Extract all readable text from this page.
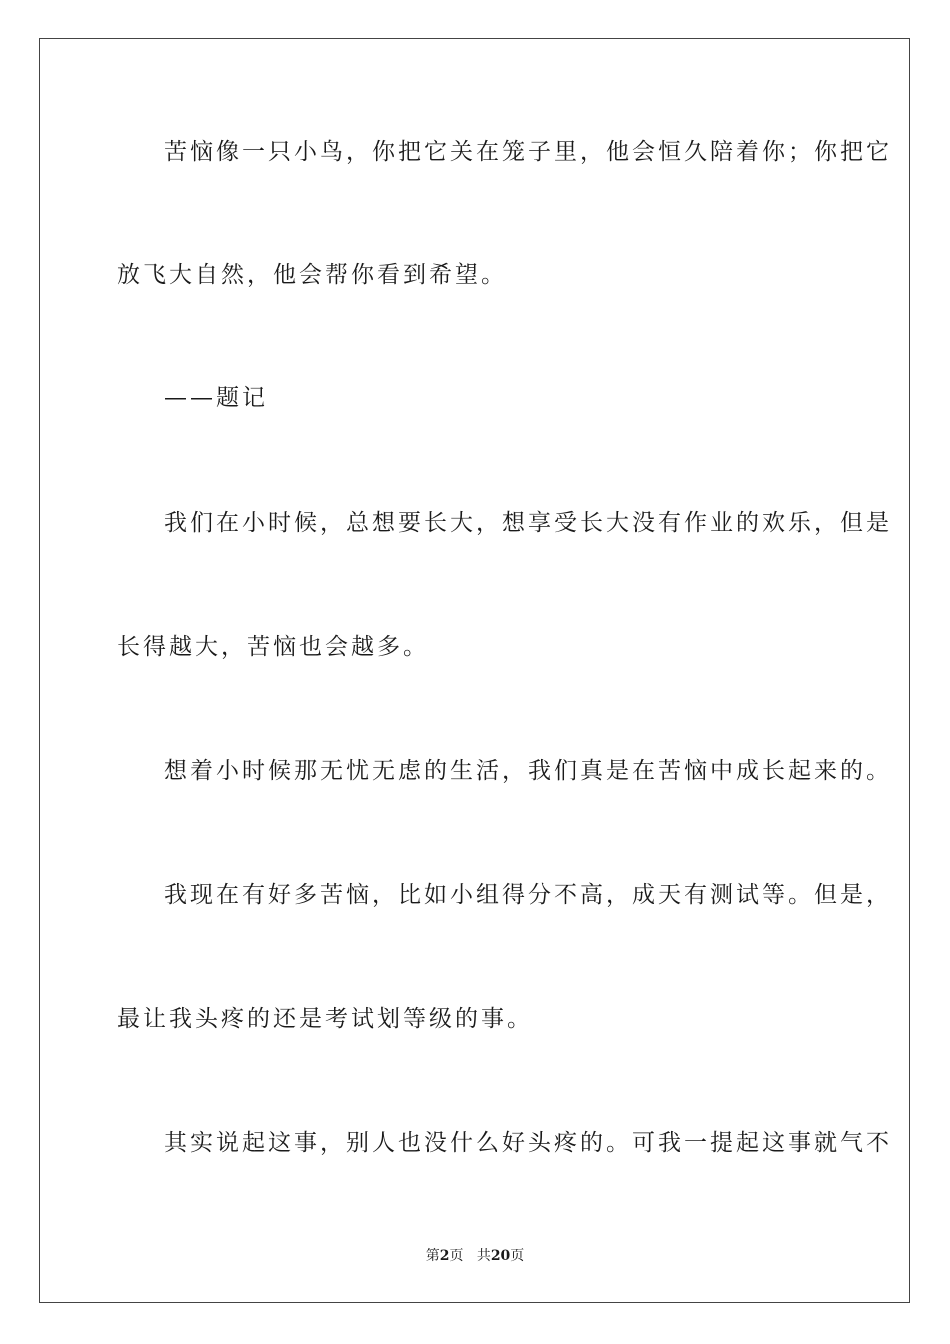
苦恼像一只小鸟，你把它关在笼子里，他会恒久陪着你；你把它
放飞大自然，他会帮你看到希望。
——题记
我们在小时候，总想要长大，想享受长大没有作业的欢乐，但是
长得越大，苦恼也会越多。
想着小时候那无忧无虑的生活，我们真是在苦恼中成长起来的。
我现在有好多苦恼，比如小组得分不高，成天有测试等。但是，
最让我头疼的还是考试划等级的事。
其实说起这事，别人也没什么好头疼的。可我一提起这事就气不
第2页 共20页
